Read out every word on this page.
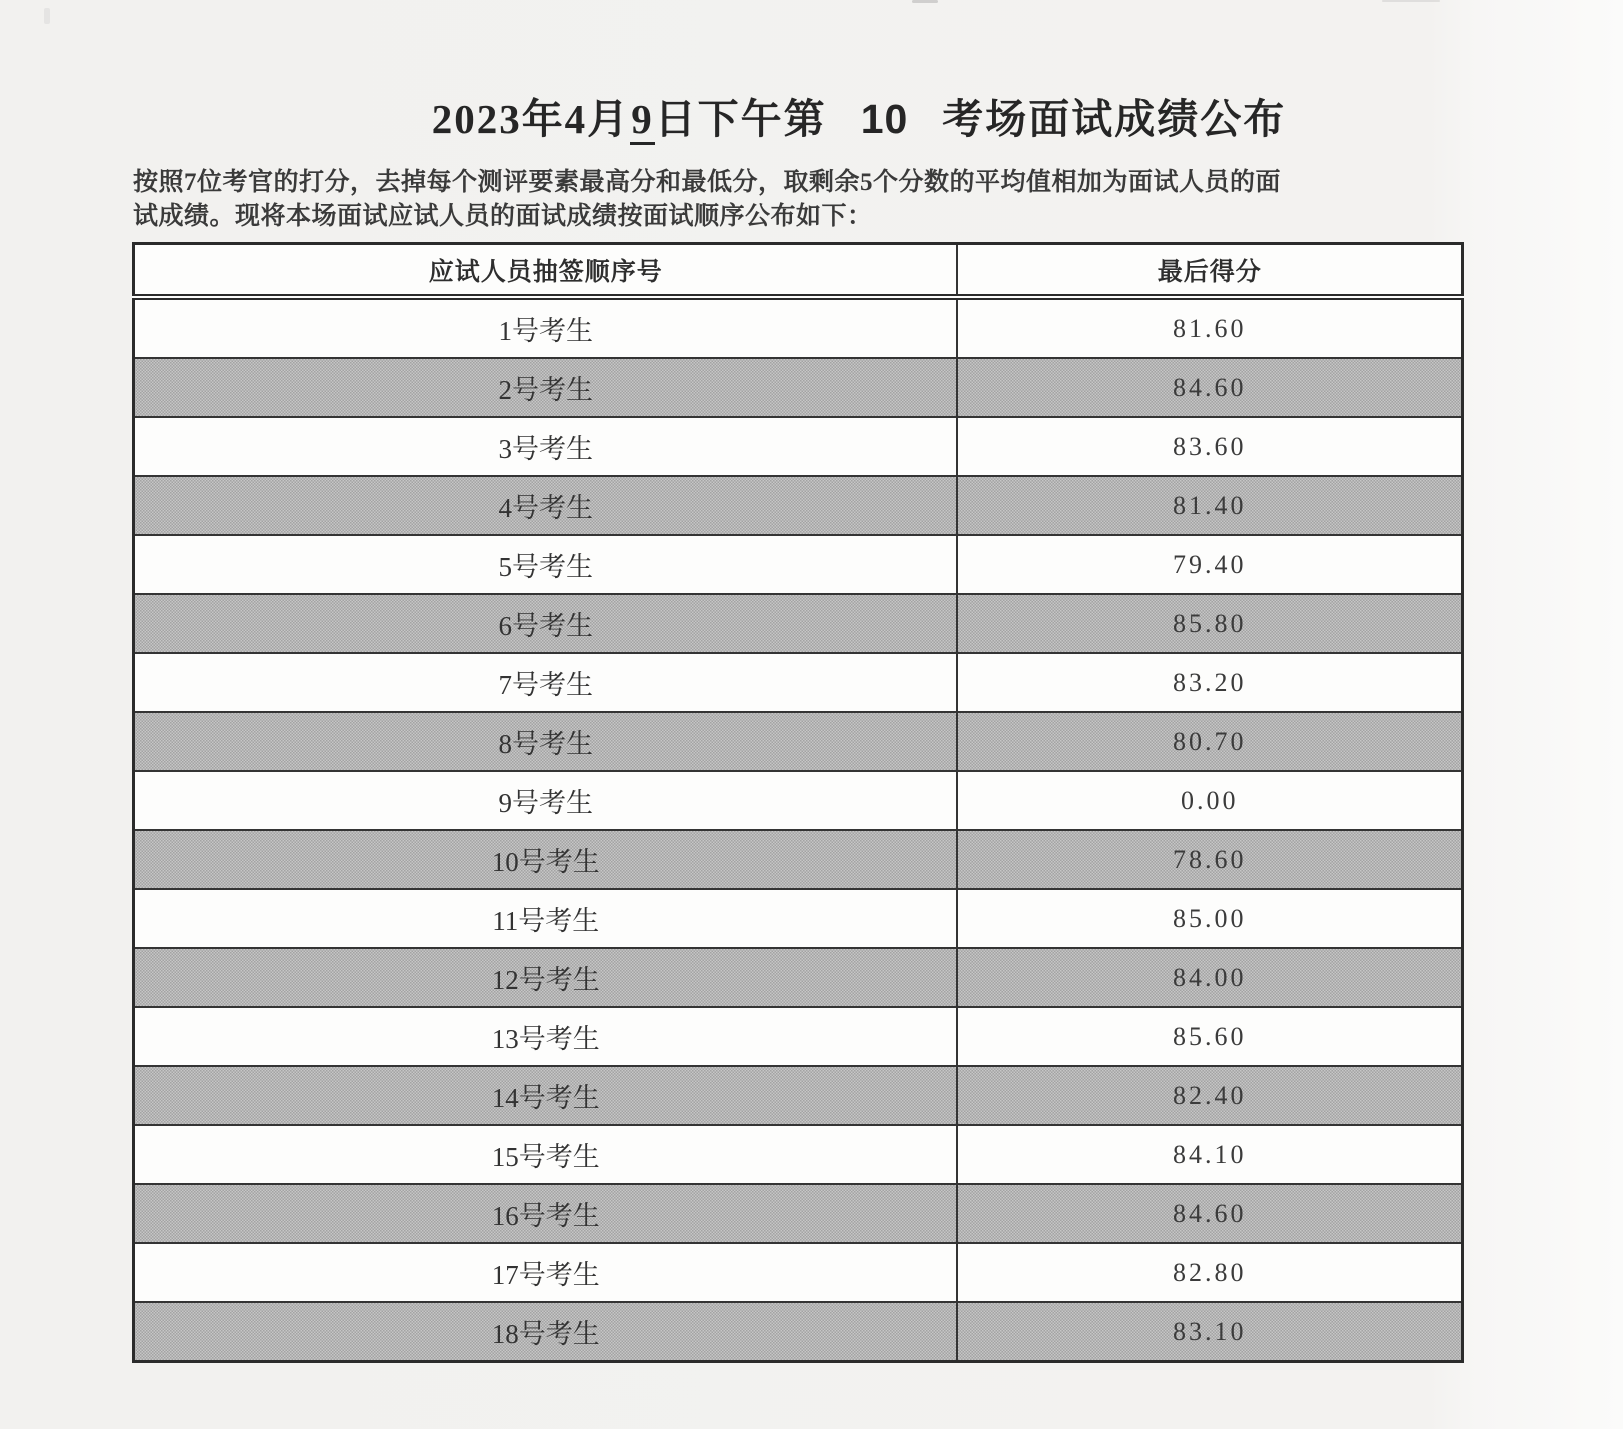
2023年4月9日下午第 10 考场面试成绩公布
按照7位考官的打分，去掉每个测评要素最高分和最低分，取剩余5个分数的平均值相加为面试人员的面
试成绩。现将本场面试应试人员的面试成绩按面试顺序公布如下：
应试人员抽签顺序号	最后得分
1号考生	81.60
2号考生	84.60
3号考生	83.60
4号考生	81.40
5号考生	79.40
6号考生	85.80
7号考生	83.20
8号考生	80.70
9号考生	0.00
10号考生	78.60
11号考生	85.00
12号考生	84.00
13号考生	85.60
14号考生	82.40
15号考生	84.10
16号考生	84.60
17号考生	82.80
18号考生	83.10
